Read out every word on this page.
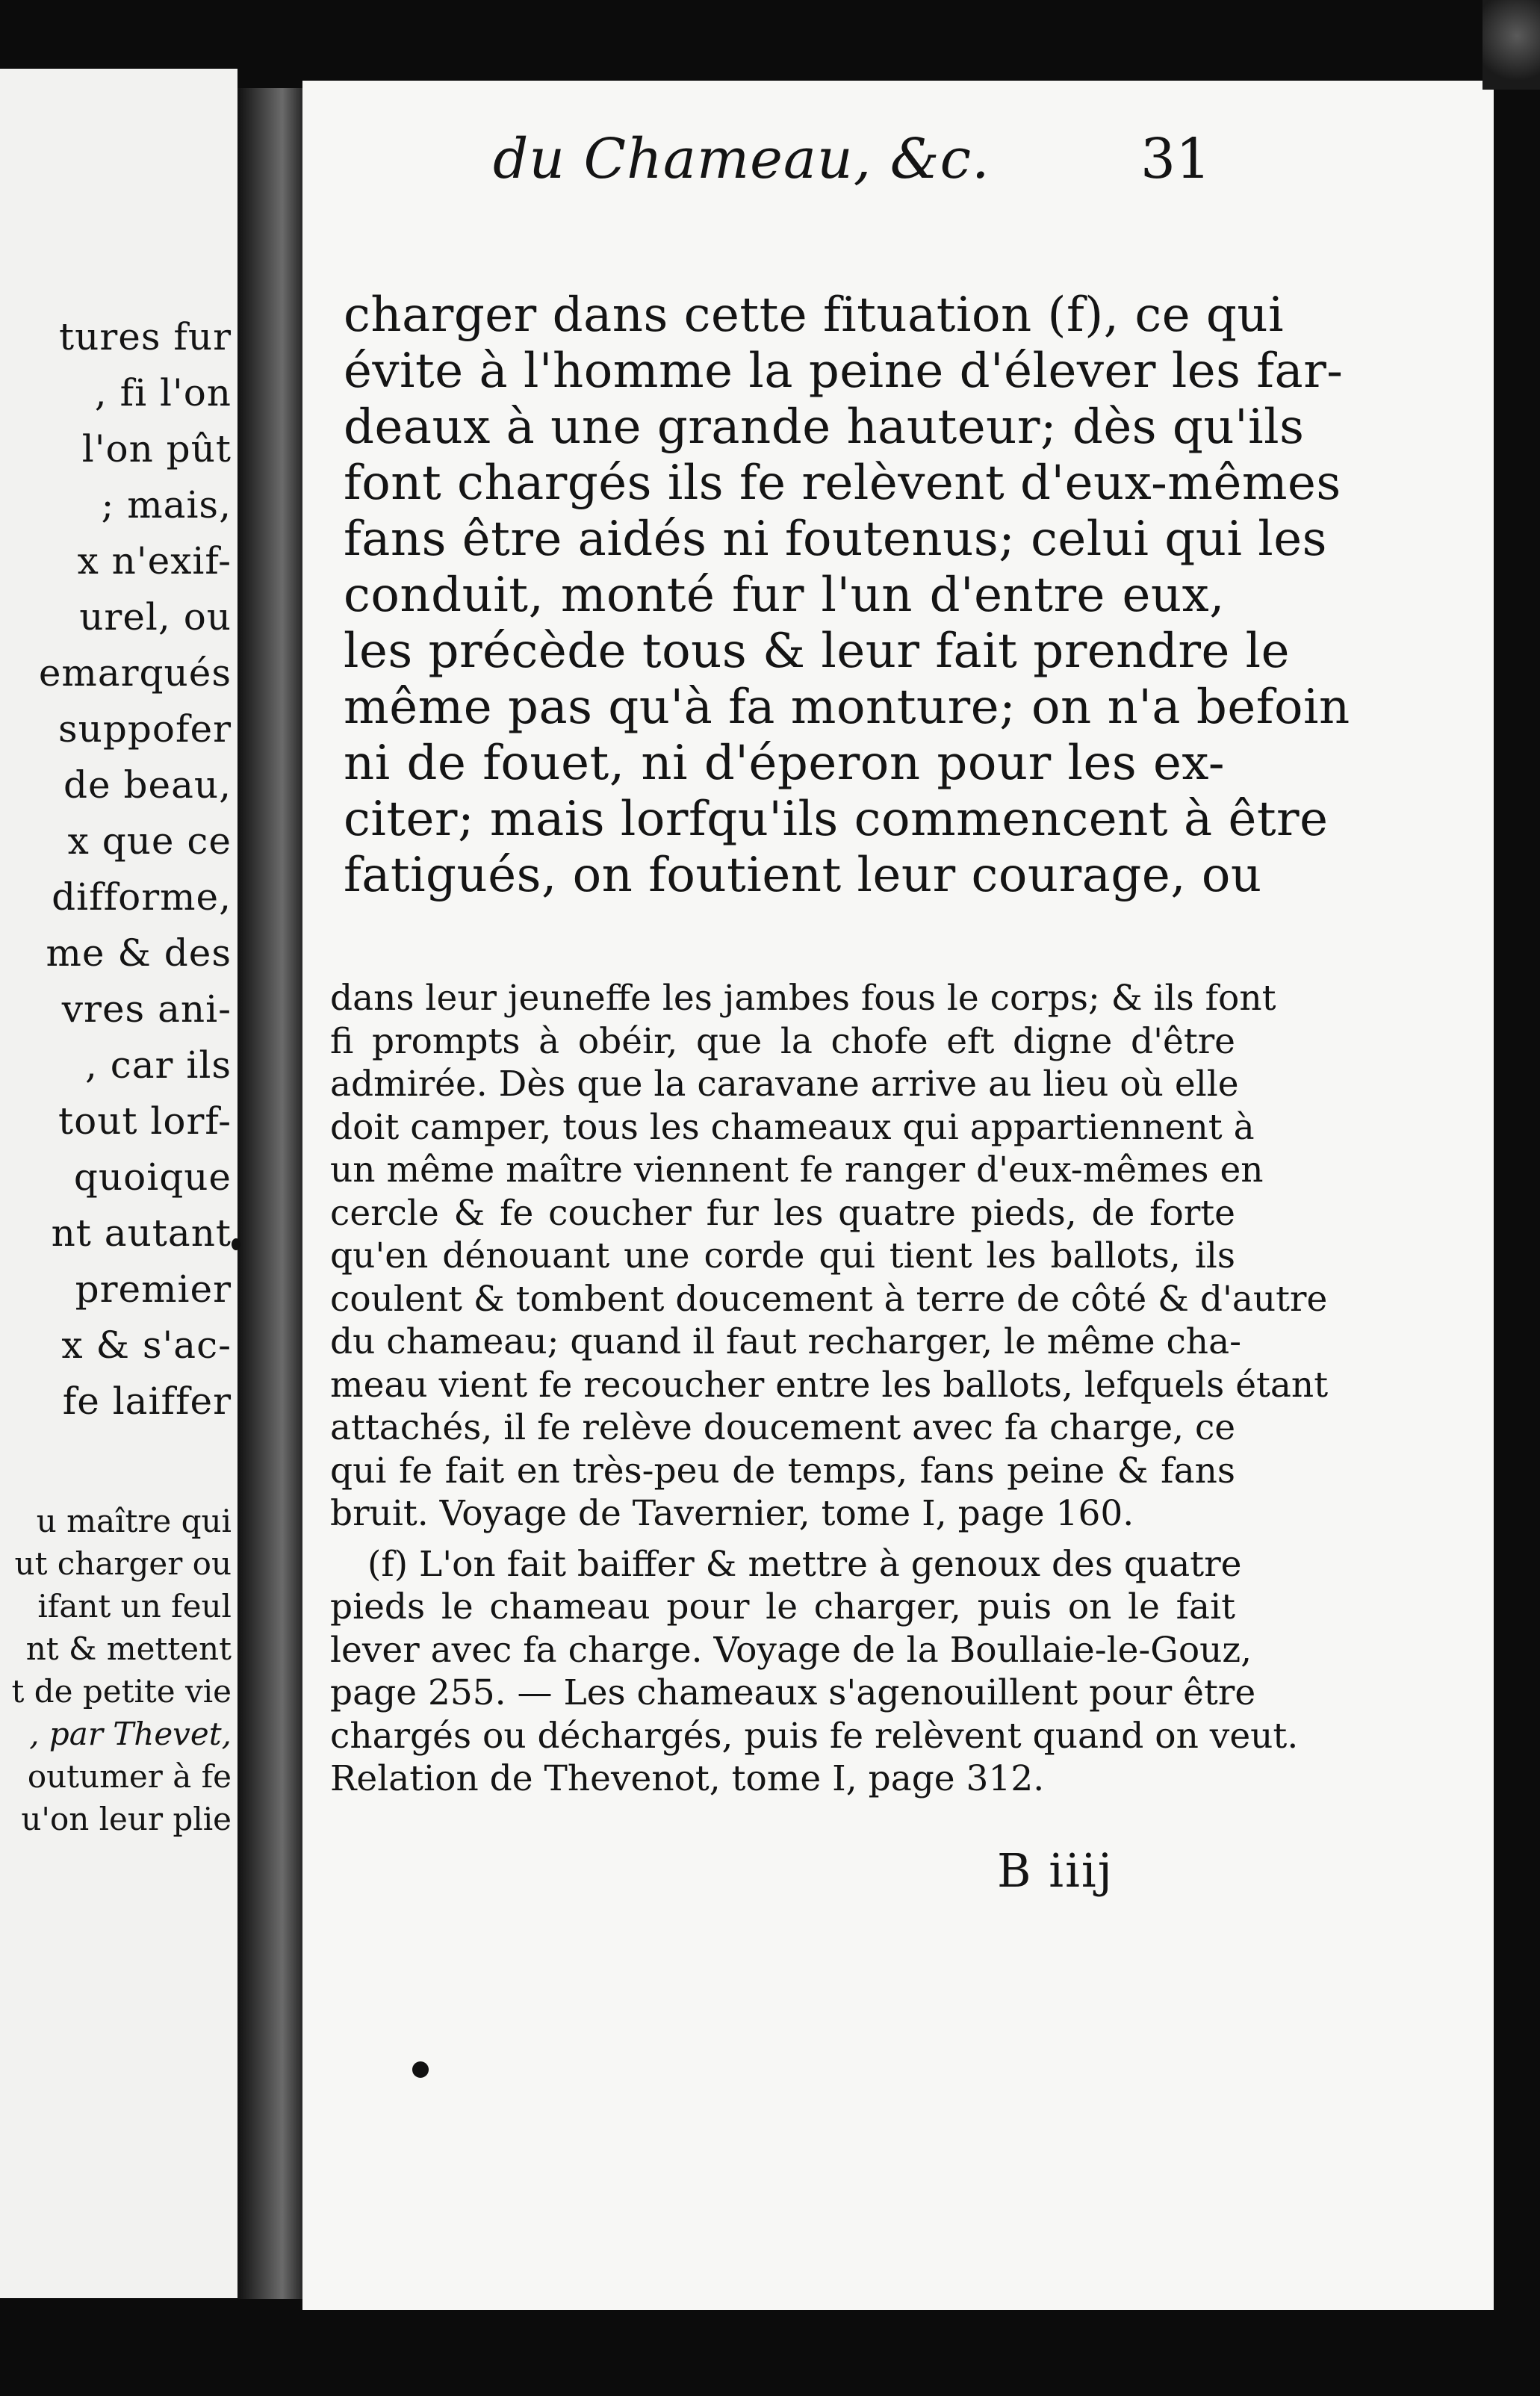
tures fur
, fi l'on
l'on pût
; mais,
x n'exif-
urel, ou
emarqués
suppofer
de beau,
x que ce
difforme,
me & des
vres ani-
, car ils
tout lorf-
quoique
nt autant
premier
x & s'ac-
fe laiffer
u maître qui
ut charger ou
ifant un feul
nt & mettent
t de petite vie
, par Thevet,
outumer à fe
u'on leur plie
du Chameau, &c.	31
charger dans cette fituation (f), ce qui
évite à l'homme la peine d'élever les far-
deaux à une grande hauteur; dès qu'ils
font chargés ils fe relèvent d'eux-mêmes
fans être aidés ni foutenus; celui qui les
conduit, monté fur l'un d'entre eux,
les précède tous & leur fait prendre le
même pas qu'à fa monture; on n'a befoin
ni de fouet, ni d'éperon pour les ex-
citer; mais lorfqu'ils commencent à être
fatigués, on foutient leur courage, ou
dans leur jeuneffe les jambes fous le corps; & ils font
fi prompts à obéir, que la chofe eft digne d'être
admirée. Dès que la caravane arrive au lieu où elle
doit camper, tous les chameaux qui appartiennent à
un même maître viennent fe ranger d'eux-mêmes en
cercle & fe coucher fur les quatre pieds, de forte
qu'en dénouant une corde qui tient les ballots, ils
coulent & tombent doucement à terre de côté & d'autre
du chameau; quand il faut recharger, le même cha-
meau vient fe recoucher entre les ballots, lefquels étant
attachés, il fe relève doucement avec fa charge, ce
qui fe fait en très-peu de temps, fans peine & fans
bruit. Voyage de Tavernier, tome I, page 160.
(f) L'on fait baiffer & mettre à genoux des quatre
pieds le chameau pour le charger, puis on le fait
lever avec fa charge. Voyage de la Boullaie-le-Gouz,
page 255. — Les chameaux s'agenouillent pour être
chargés ou déchargés, puis fe relèvent quand on veut.
Relation de Thevenot, tome I, page 312.
B iiij
